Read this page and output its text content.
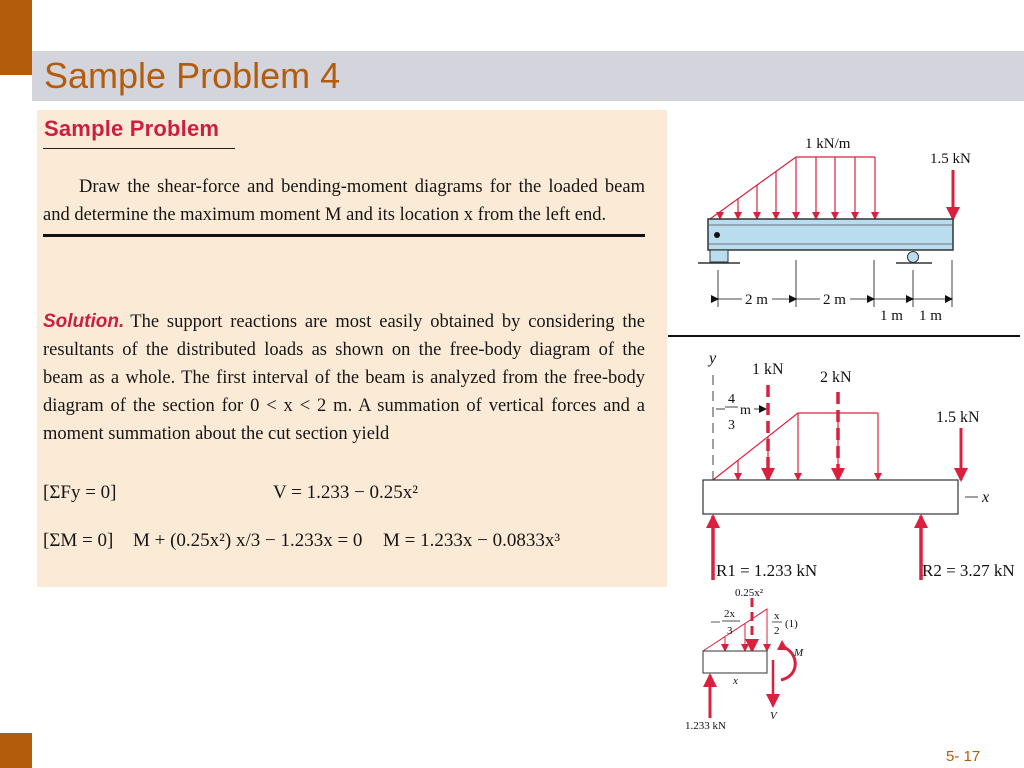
Sample Problem 4
Sample Problem
Draw the shear-force and bending-moment diagrams for the loaded beam and determine the maximum moment M and its location x from the left end.
Solution. The support reactions are most easily obtained by considering the resultants of the distributed loads as shown on the free-body diagram of the beam as a whole. The first interval of the beam is analyzed from the free-body diagram of the section for 0 < x < 2 m. A summation of vertical forces and a moment summation about the cut section yield
[ΣFy = 0]	V = 1.233 − 0.25x²
[ΣM = 0] M + (0.25x²) x/3 − 1.233x = 0 M = 1.233x − 0.0833x³
1 kN/m
1.5 kN
2 m	2 m
1 m 1 m
y
1 kN 2 kN
1.5 kN
4
3
m
x
R1 = 1.233 kN	R2 = 3.27 kN
0.25x²
2x
3
x
2
(1)
M
V
x
1.233 kN
5- 17
